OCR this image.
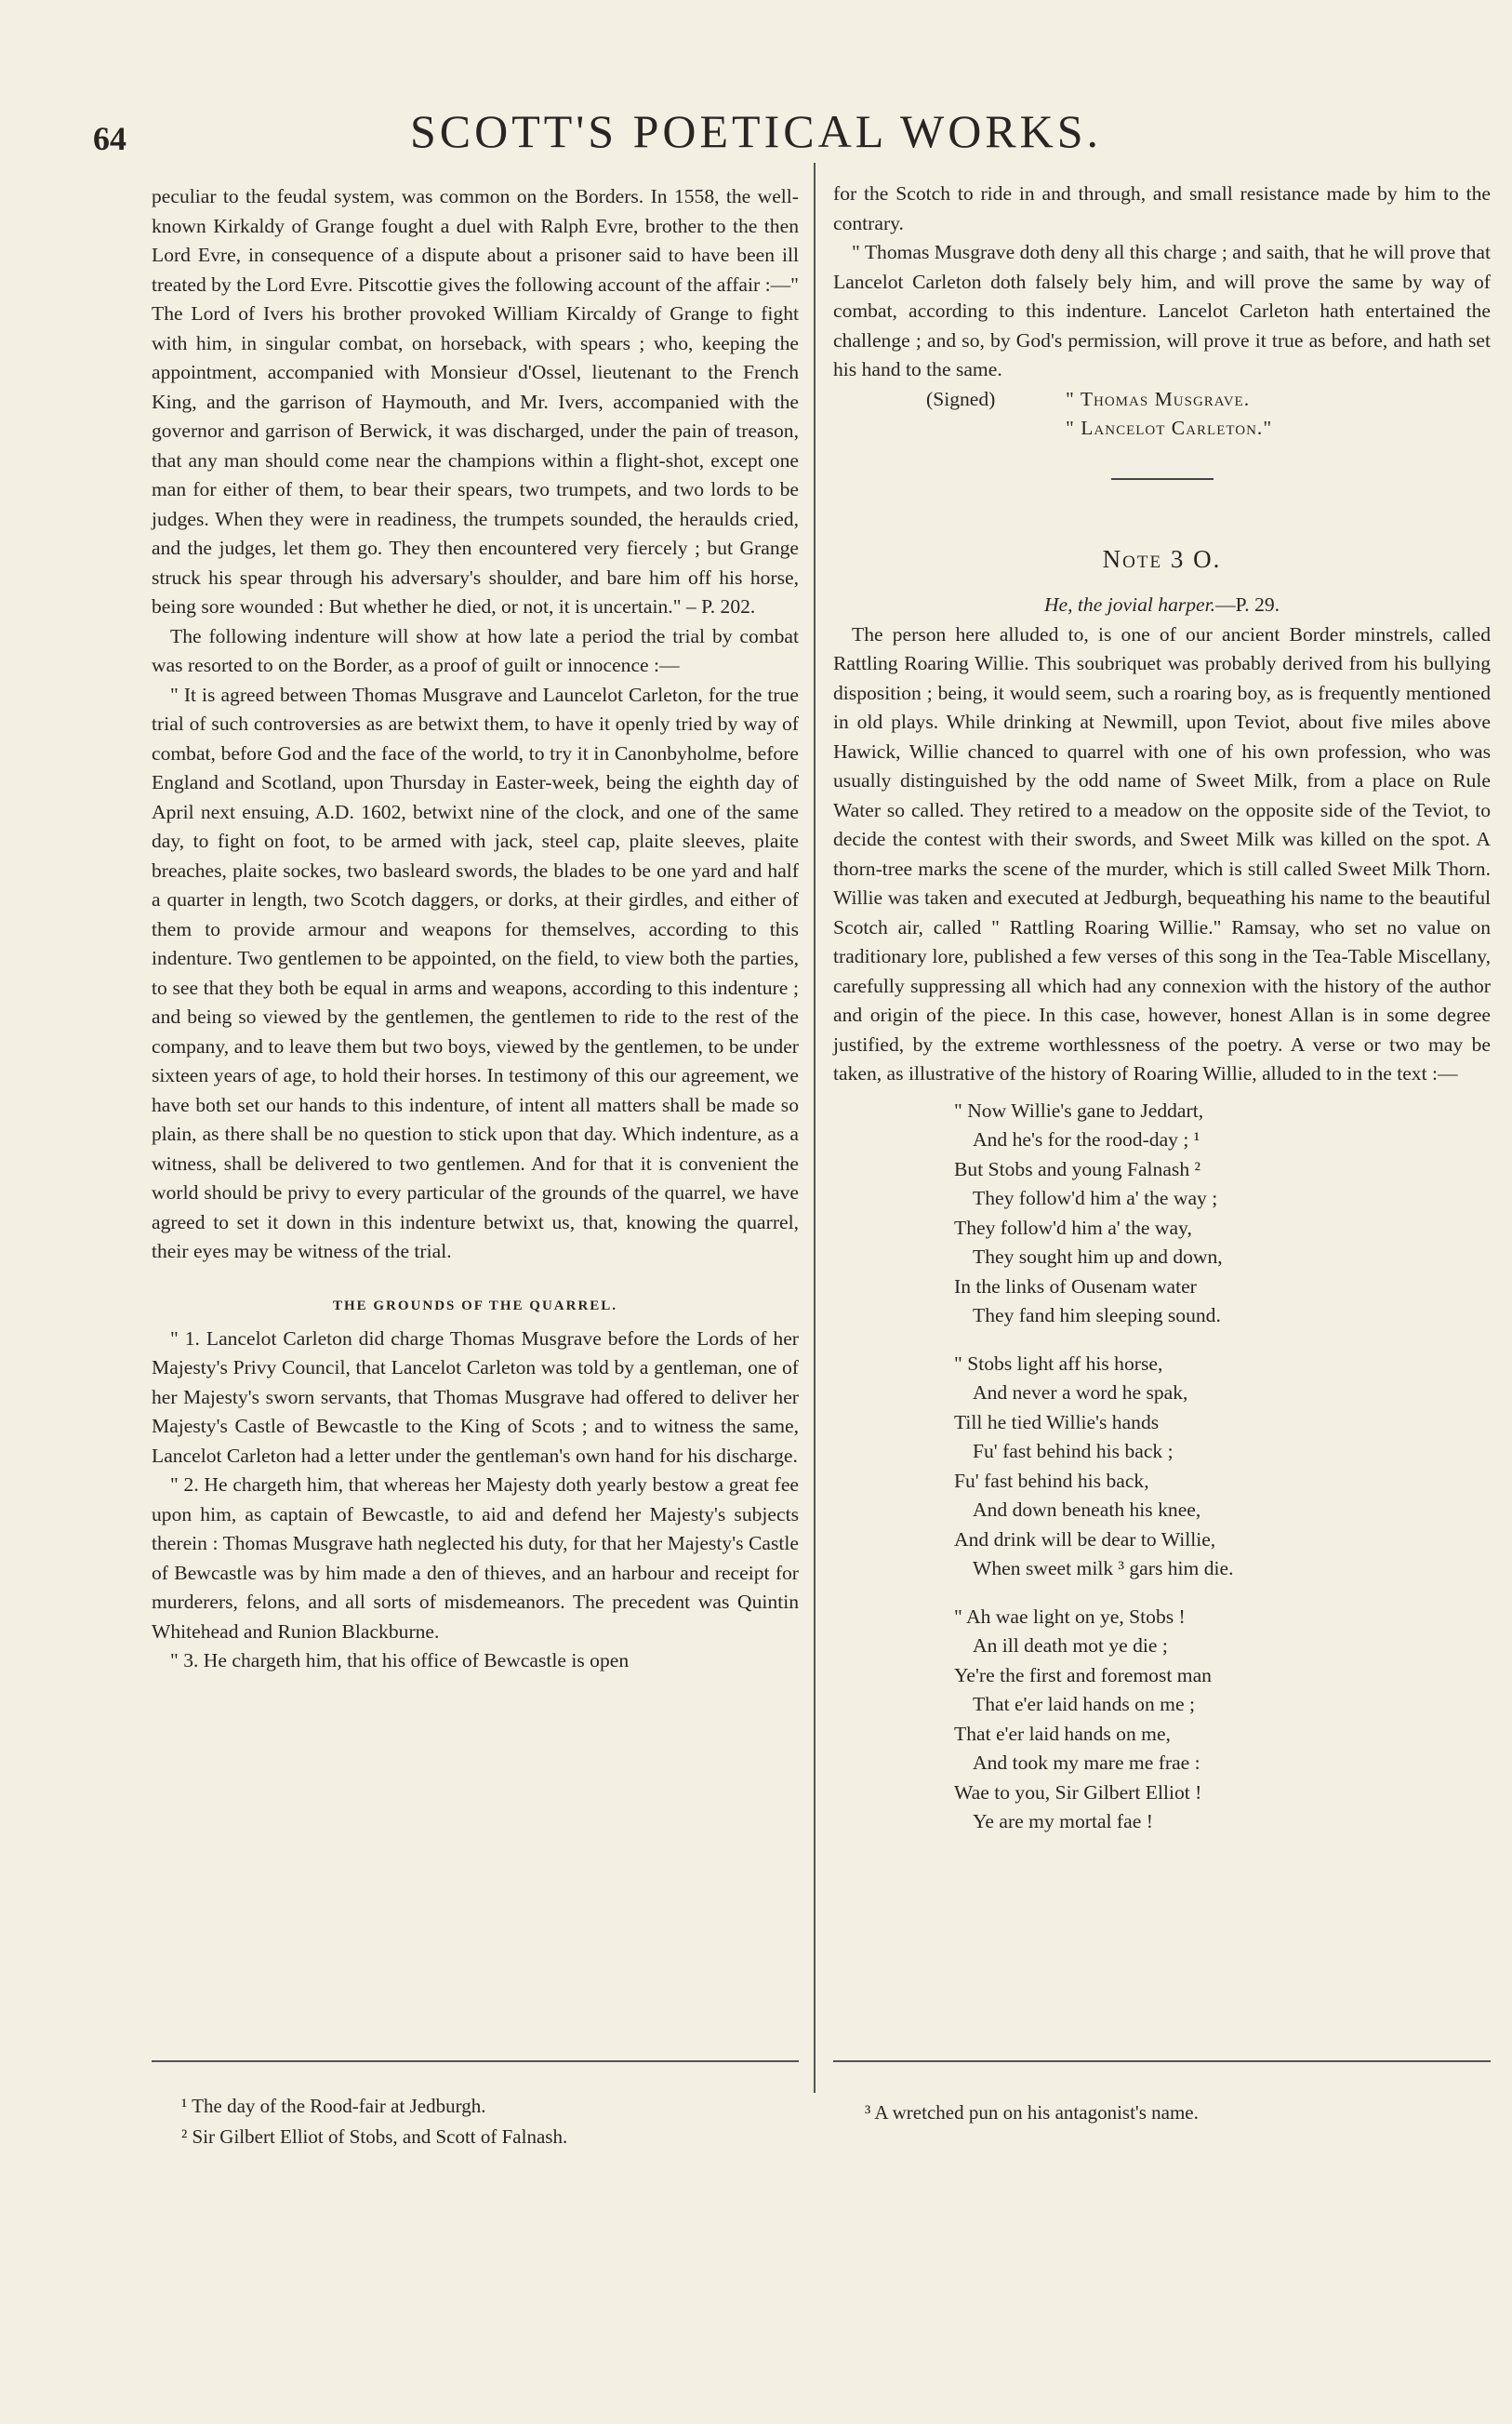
64	SCOTT'S POETICAL WORKS.

peculiar to the feudal system, was common on the Borders. In 1558, the well-known Kirkaldy of Grange fought a duel with Ralph Evre, brother to the then Lord Evre, in consequence of a dispute about a prisoner said to have been ill treated by the Lord Evre. Pitscottie gives the following account of the affair :—" The Lord of Ivers his brother provoked William Kircaldy of Grange to fight with him, in singular combat, on horseback, with spears ; who, keeping the appointment, accompanied with Monsieur d'Ossel, lieutenant to the French King, and the garrison of Haymouth, and Mr. Ivers, accompanied with the governor and garrison of Berwick, it was discharged, under the pain of treason, that any man should come near the champions within a flight-shot, except one man for either of them, to bear their spears, two trumpets, and two lords to be judges. When they were in readiness, the trumpets sounded, the heraulds cried, and the judges, let them go. They then encountered very fiercely ; but Grange struck his spear through his adversary's shoulder, and bare him off his horse, being sore wounded : But whether he died, or not, it is uncertain." – P. 202.

The following indenture will show at how late a period the trial by combat was resorted to on the Border, as a proof of guilt or innocence :—

" It is agreed between Thomas Musgrave and Launcelot Carleton, for the true trial of such controversies as are betwixt them, to have it openly tried by way of combat, before God and the face of the world, to try it in Canonbyholme, before England and Scotland, upon Thursday in Easter-week, being the eighth day of April next ensuing, A.D. 1602, betwixt nine of the clock, and one of the same day, to fight on foot, to be armed with jack, steel cap, plaite sleeves, plaite breaches, plaite sockes, two basleard swords, the blades to be one yard and half a quarter in length, two Scotch daggers, or dorks, at their girdles, and either of them to provide armour and weapons for themselves, according to this indenture. Two gentlemen to be appointed, on the field, to view both the parties, to see that they both be equal in arms and weapons, according to this indenture ; and being so viewed by the gentlemen, the gentlemen to ride to the rest of the company, and to leave them but two boys, viewed by the gentlemen, to be under sixteen years of age, to hold their horses. In testimony of this our agreement, we have both set our hands to this indenture, of intent all matters shall be made so plain, as there shall be no question to stick upon that day. Which indenture, as a witness, shall be delivered to two gentlemen. And for that it is convenient the world should be privy to every particular of the grounds of the quarrel, we have agreed to set it down in this indenture betwixt us, that, knowing the quarrel, their eyes may be witness of the trial.

THE GROUNDS OF THE QUARREL.

" 1. Lancelot Carleton did charge Thomas Musgrave before the Lords of her Majesty's Privy Council, that Lancelot Carleton was told by a gentleman, one of her Majesty's sworn servants, that Thomas Musgrave had offered to deliver her Majesty's Castle of Bewcastle to the King of Scots ; and to witness the same, Lancelot Carleton had a letter under the gentleman's own hand for his discharge.

" 2. He chargeth him, that whereas her Majesty doth yearly bestow a great fee upon him, as captain of Bewcastle, to aid and defend her Majesty's subjects therein : Thomas Musgrave hath neglected his duty, for that her Majesty's Castle of Bewcastle was by him made a den of thieves, and an harbour and receipt for murderers, felons, and all sorts of misdemeanors. The precedent was Quintin Whitehead and Runion Blackburne.

" 3. He chargeth him, that his office of Bewcastle is open

for the Scotch to ride in and through, and small resistance made by him to the contrary.

" Thomas Musgrave doth deny all this charge ; and saith, that he will prove that Lancelot Carleton doth falsely bely him, and will prove the same by way of combat, according to this indenture. Lancelot Carleton hath entertained the challenge ; and so, by God's permission, will prove it true as before, and hath set his hand to the same.

(Signed)	" Thomas Musgrave.
" Lancelot Carleton."
Note 3 O.
He, the jovial harper.—P. 29.

The person here alluded to, is one of our ancient Border minstrels, called Rattling Roaring Willie. This soubriquet was probably derived from his bullying disposition ; being, it would seem, such a roaring boy, as is frequently mentioned in old plays. While drinking at Newmill, upon Teviot, about five miles above Hawick, Willie chanced to quarrel with one of his own profession, who was usually distinguished by the odd name of Sweet Milk, from a place on Rule Water so called. They retired to a meadow on the opposite side of the Teviot, to decide the contest with their swords, and Sweet Milk was killed on the spot. A thorn-tree marks the scene of the murder, which is still called Sweet Milk Thorn. Willie was taken and executed at Jedburgh, bequeathing his name to the beautiful Scotch air, called " Rattling Roaring Willie." Ramsay, who set no value on traditionary lore, published a few verses of this song in the Tea-Table Miscellany, carefully suppressing all which had any connexion with the history of the author and origin of the piece. In this case, however, honest Allan is in some degree justified, by the extreme worthlessness of the poetry. A verse or two may be taken, as illustrative of the history of Roaring Willie, alluded to in the text :—

" Now Willie's gane to Jeddart,
And he's for the rood-day ; ¹
But Stobs and young Falnash ²
They follow'd him a' the way ;
They follow'd him a' the way,
They sought him up and down,
In the links of Ousenam water
They fand him sleeping sound.
" Stobs light aff his horse,
And never a word he spak,
Till he tied Willie's hands
Fu' fast behind his back ;
Fu' fast behind his back,
And down beneath his knee,
And drink will be dear to Willie,
When sweet milk ³ gars him die.
" Ah wae light on ye, Stobs !
An ill death mot ye die ;
Ye're the first and foremost man
That e'er laid hands on me ;
That e'er laid hands on me,
And took my mare me frae :
Wae to you, Sir Gilbert Elliot !
Ye are my mortal fae !
¹ The day of the Rood-fair at Jedburgh.
² Sir Gilbert Elliot of Stobs, and Scott of Falnash.
³ A wretched pun on his antagonist's name.
